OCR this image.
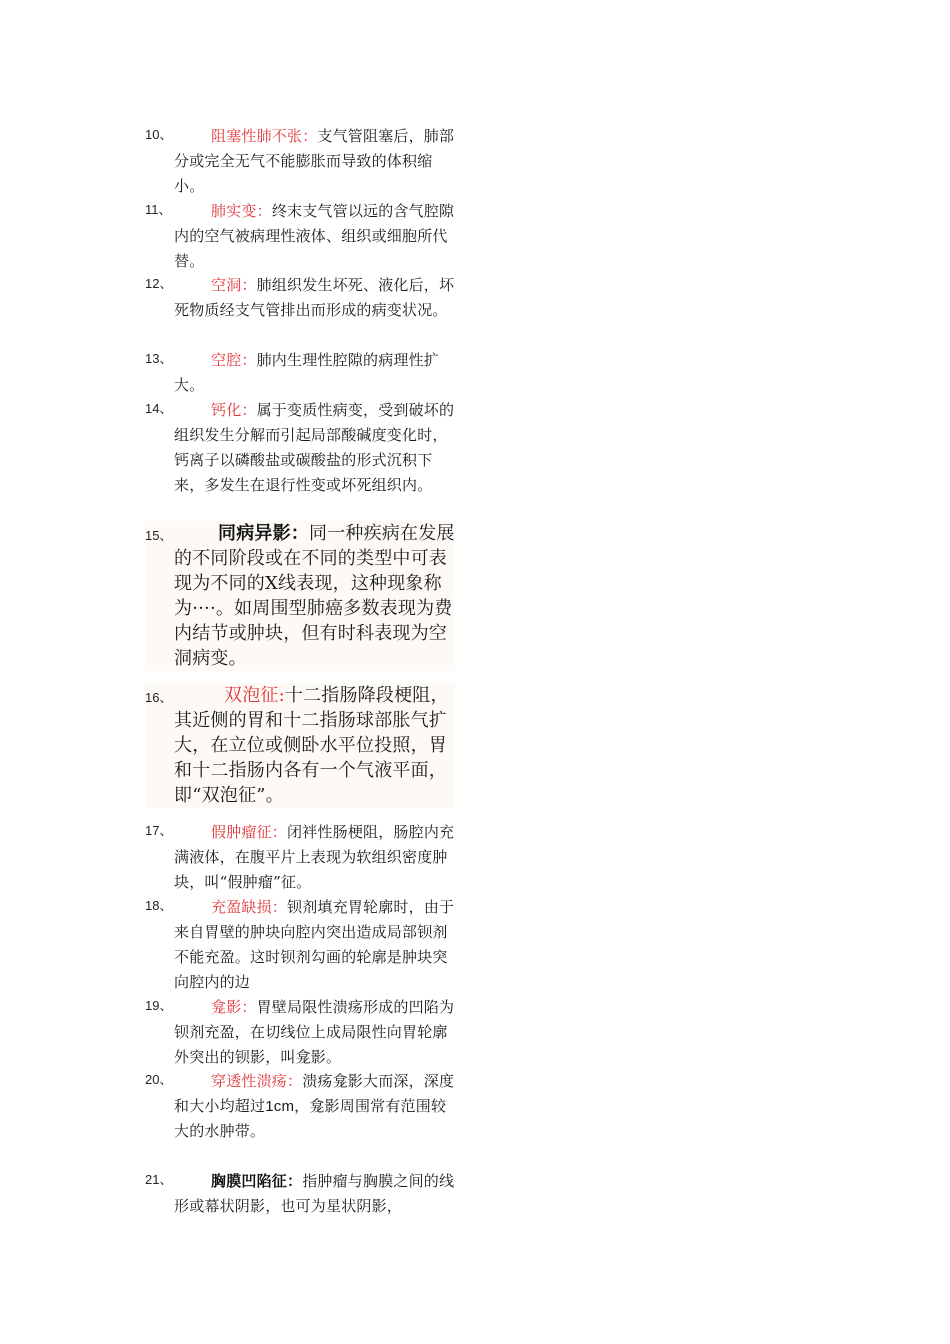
10、	阻塞性肺不张：支气管阻塞后，肺部分或完全无气不能膨胀而导致的体积缩小。
11、	肺实变：终末支气管以远的含气腔隙内的空气被病理性液体、组织或细胞所代替。
12、	空洞：肺组织发生坏死、液化后，坏死物质经支气管排出而形成的病变状况。
13、	空腔：肺内生理性腔隙的病理性扩大。
14、	钙化：属于变质性病变，受到破坏的组织发生分解而引起局部酸碱度变化时，钙离子以磷酸盐或碳酸盐的形式沉积下来，多发生在退行性变或坏死组织内。
15、	同病异影：同一种疾病在发展的不同阶段或在不同的类型中可表现为不同的X线表现，这种现象称为····。如周围型肺癌多数表现为费内结节或肿块，但有时科表现为空洞病变。
16、	双泡征:十二指肠降段梗阻，其近侧的胃和十二指肠球部胀气扩大，在立位或侧卧水平位投照，胃和十二指肠内各有一个气液平面，即“双泡征”。
17、	假肿瘤征：闭袢性肠梗阻，肠腔内充满液体，在腹平片上表现为软组织密度肿块，叫“假肿瘤”征。
18、	充盈缺损：钡剂填充胃轮廓时，由于来自胃壁的肿块向腔内突出造成局部钡剂不能充盈。这时钡剂勾画的轮廓是肿块突向腔内的边
19、	龛影：胃壁局限性溃疡形成的凹陷为钡剂充盈，在切线位上成局限性向胃轮廓外突出的钡影，叫龛影。
20、	穿透性溃疡：溃疡龛影大而深，深度和大小均超过1cm，龛影周围常有范围较大的水肿带。
21、	胸膜凹陷征：指肿瘤与胸膜之间的线形或幕状阴影，也可为星状阴影，
